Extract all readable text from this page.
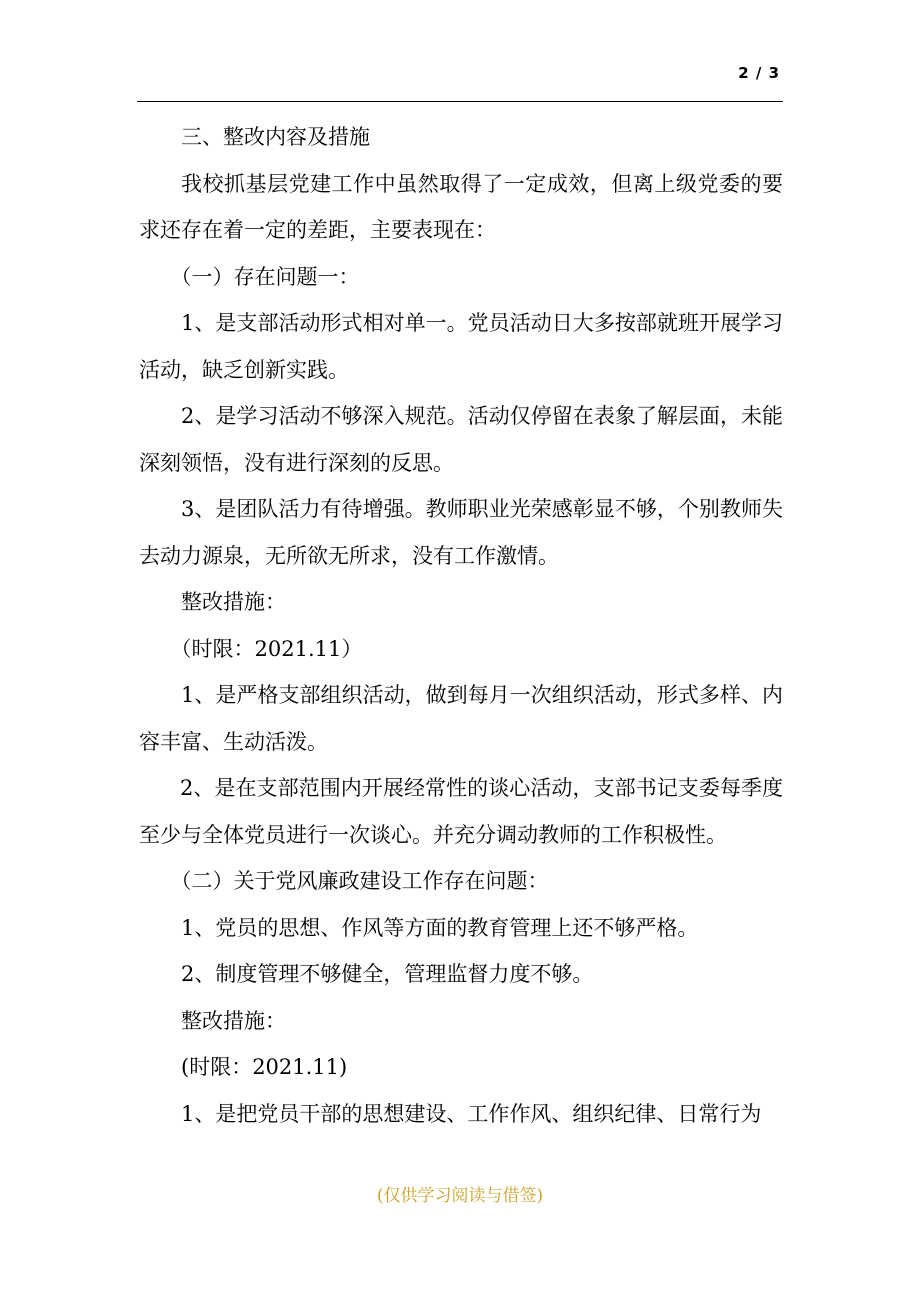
2 / 3

三、整改内容及措施

我校抓基层党建工作中虽然取得了一定成效，但离上级党委的要求还存在着一定的差距，主要表现在：

（一）存在问题一：

1、是支部活动形式相对单一。党员活动日大多按部就班开展学习活动，缺乏创新实践。

2、是学习活动不够深入规范。活动仅停留在表象了解层面，未能深刻领悟，没有进行深刻的反思。

3、是团队活力有待增强。教师职业光荣感彰显不够，个别教师失去动力源泉，无所欲无所求，没有工作激情。

整改措施：

（时限：2021.11）

1、是严格支部组织活动，做到每月一次组织活动，形式多样、内容丰富、生动活泼。

2、是在支部范围内开展经常性的谈心活动，支部书记支委每季度至少与全体党员进行一次谈心。并充分调动教师的工作积极性。

（二）关于党风廉政建设工作存在问题：

1、党员的思想、作风等方面的教育管理上还不够严格。

2、制度管理不够健全，管理监督力度不够。

整改措施：

(时限：2021.11)

1、是把党员干部的思想建设、工作作风、组织纪律、日常行为

(仅供学习阅读与借签)
